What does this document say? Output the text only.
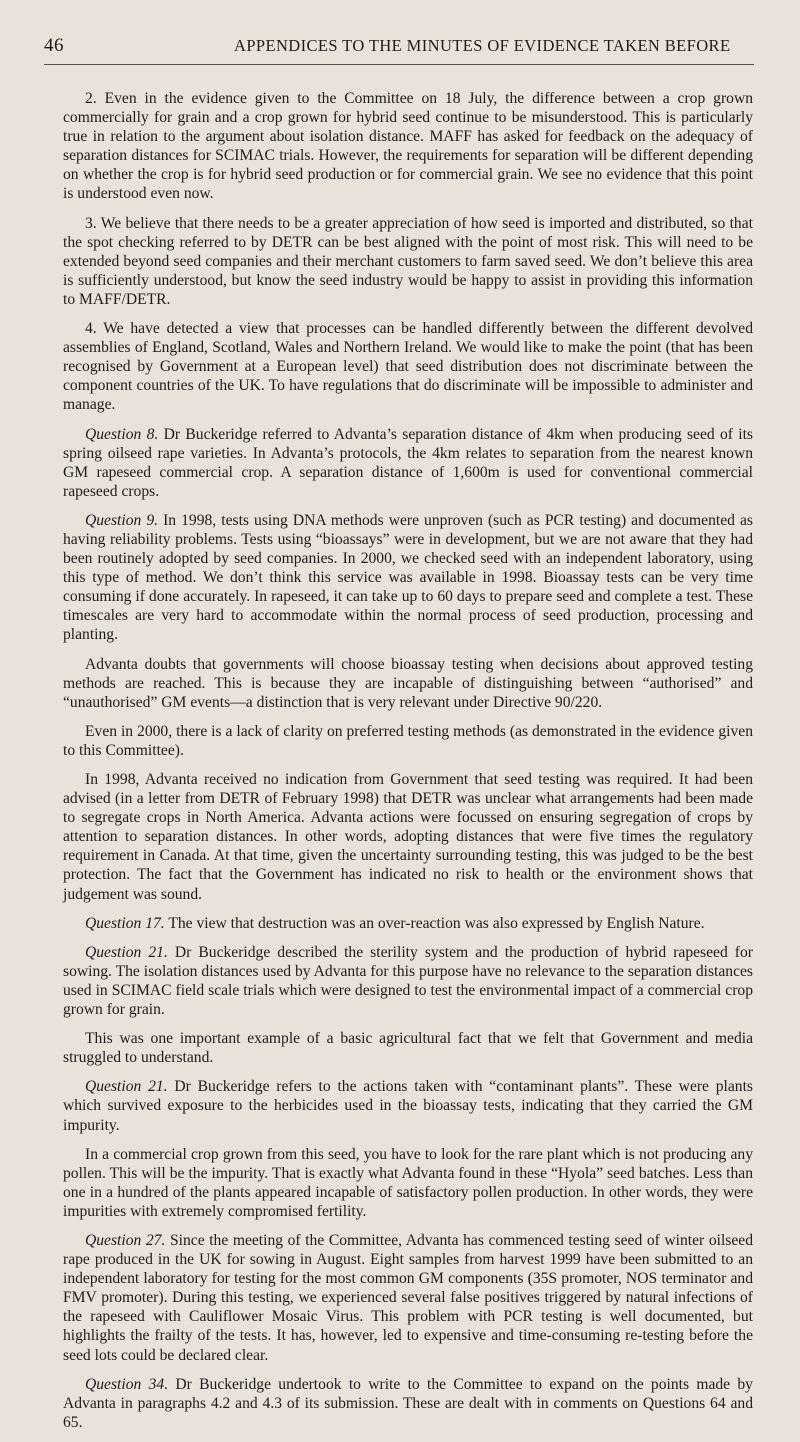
46	APPENDICES TO THE MINUTES OF EVIDENCE TAKEN BEFORE

2. Even in the evidence given to the Committee on 18 July, the difference between a crop grown commercially for grain and a crop grown for hybrid seed continue to be misunderstood. This is particularly true in relation to the argument about isolation distance. MAFF has asked for feedback on the adequacy of separation distances for SCIMAC trials. However, the requirements for separation will be different depending on whether the crop is for hybrid seed production or for commercial grain. We see no evidence that this point is understood even now.

3. We believe that there needs to be a greater appreciation of how seed is imported and distributed, so that the spot checking referred to by DETR can be best aligned with the point of most risk. This will need to be extended beyond seed companies and their merchant customers to farm saved seed. We don’t believe this area is sufficiently understood, but know the seed industry would be happy to assist in providing this information to MAFF/DETR.

4. We have detected a view that processes can be handled differently between the different devolved assemblies of England, Scotland, Wales and Northern Ireland. We would like to make the point (that has been recognised by Government at a European level) that seed distribution does not discriminate between the component countries of the UK. To have regulations that do discriminate will be impossible to administer and manage.

Question 8. Dr Buckeridge referred to Advanta’s separation distance of 4km when producing seed of its spring oilseed rape varieties. In Advanta’s protocols, the 4km relates to separation from the nearest known GM rapeseed commercial crop. A separation distance of 1,600m is used for conventional commercial rapeseed crops.

Question 9. In 1998, tests using DNA methods were unproven (such as PCR testing) and documented as having reliability problems. Tests using “bioassays” were in development, but we are not aware that they had been routinely adopted by seed companies. In 2000, we checked seed with an independent laboratory, using this type of method. We don’t think this service was available in 1998. Bioassay tests can be very time consuming if done accurately. In rapeseed, it can take up to 60 days to prepare seed and complete a test. These timescales are very hard to accommodate within the normal process of seed production, processing and planting.

Advanta doubts that governments will choose bioassay testing when decisions about approved testing methods are reached. This is because they are incapable of distinguishing between “authorised” and “unauthorised” GM events—a distinction that is very relevant under Directive 90/220.

Even in 2000, there is a lack of clarity on preferred testing methods (as demonstrated in the evidence given to this Committee).

In 1998, Advanta received no indication from Government that seed testing was required. It had been advised (in a letter from DETR of February 1998) that DETR was unclear what arrangements had been made to segregate crops in North America. Advanta actions were focussed on ensuring segregation of crops by attention to separation distances. In other words, adopting distances that were five times the regulatory requirement in Canada. At that time, given the uncertainty surrounding testing, this was judged to be the best protection. The fact that the Government has indicated no risk to health or the environment shows that judgement was sound.

Question 17. The view that destruction was an over-reaction was also expressed by English Nature.

Question 21. Dr Buckeridge described the sterility system and the production of hybrid rapeseed for sowing. The isolation distances used by Advanta for this purpose have no relevance to the separation distances used in SCIMAC field scale trials which were designed to test the environmental impact of a commercial crop grown for grain.

This was one important example of a basic agricultural fact that we felt that Government and media struggled to understand.

Question 21. Dr Buckeridge refers to the actions taken with “contaminant plants”. These were plants which survived exposure to the herbicides used in the bioassay tests, indicating that they carried the GM impurity.

In a commercial crop grown from this seed, you have to look for the rare plant which is not producing any pollen. This will be the impurity. That is exactly what Advanta found in these “Hyola” seed batches. Less than one in a hundred of the plants appeared incapable of satisfactory pollen production. In other words, they were impurities with extremely compromised fertility.

Question 27. Since the meeting of the Committee, Advanta has commenced testing seed of winter oilseed rape produced in the UK for sowing in August. Eight samples from harvest 1999 have been submitted to an independent laboratory for testing for the most common GM components (35S promoter, NOS terminator and FMV promoter). During this testing, we experienced several false positives triggered by natural infections of the rapeseed with Cauliflower Mosaic Virus. This problem with PCR testing is well documented, but highlights the frailty of the tests. It has, however, led to expensive and time-consuming re-testing before the seed lots could be declared clear.

Question 34. Dr Buckeridge undertook to write to the Committee to expand on the points made by Advanta in paragraphs 4.2 and 4.3 of its submission. These are dealt with in comments on Questions 64 and 65.
